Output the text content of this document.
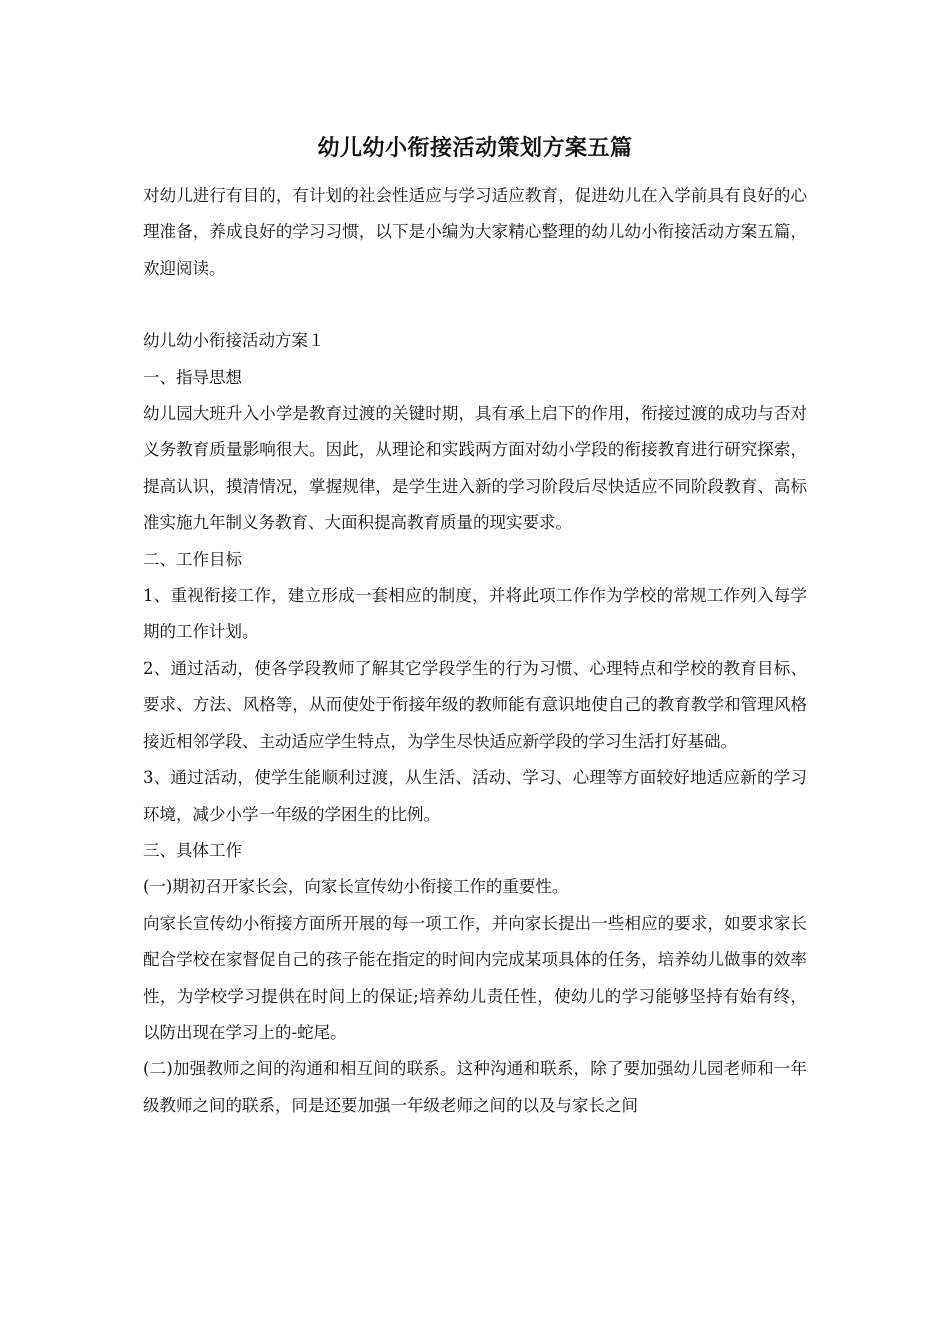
幼儿幼小衔接活动策划方案五篇

对幼儿进行有目的，有计划的社会性适应与学习适应教育，促进幼儿在入学前具有良好的心理准备，养成良好的学习习惯，以下是小编为大家精心整理的幼儿幼小衔接活动方案五篇，欢迎阅读。

幼儿幼小衔接活动方案１

一、指导思想

幼儿园大班升入小学是教育过渡的关键时期，具有承上启下的作用，衔接过渡的成功与否对义务教育质量影响很大。因此，从理论和实践两方面对幼小学段的衔接教育进行研究探索，提高认识，摸清情况，掌握规律，是学生进入新的学习阶段后尽快适应不同阶段教育、高标准实施九年制义务教育、大面积提高教育质量的现实要求。

二、工作目标

1、重视衔接工作，建立形成一套相应的制度，并将此项工作作为学校的常规工作列入每学期的工作计划。

2、通过活动，使各学段教师了解其它学段学生的行为习惯、心理特点和学校的教育目标、要求、方法、风格等，从而使处于衔接年级的教师能有意识地使自己的教育教学和管理风格接近相邻学段、主动适应学生特点，为学生尽快适应新学段的学习生活打好基础。

3、通过活动，使学生能顺利过渡，从生活、活动、学习、心理等方面较好地适应新的学习环境，减少小学一年级的学困生的比例。

三、具体工作

(一)期初召开家长会，向家长宣传幼小衔接工作的重要性。

向家长宣传幼小衔接方面所开展的每一项工作，并向家长提出一些相应的要求，如要求家长配合学校在家督促自己的孩子能在指定的时间内完成某项具体的任务，培养幼儿做事的效率性，为学校学习提供在时间上的保证;培养幼儿责任性，使幼儿的学习能够坚持有始有终，以防出现在学习上的-蛇尾。

(二)加强教师之间的沟通和相互间的联系。这种沟通和联系，除了要加强幼儿园老师和一年级教师之间的联系，同是还要加强一年级老师之间的以及与家长之间
